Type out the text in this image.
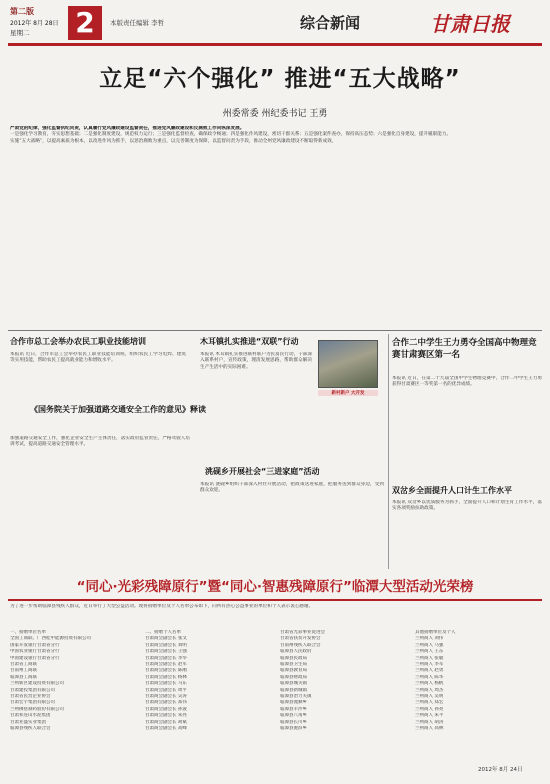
第二版
2012年 8月 28日
星期二 2	本版责任编辑 李哲	综合新闻	甘肃日报
立足“六个强化” 推进“五大战略”
州委常委 州纪委书记 王勇
严肃党的纪律，强化监督执纪问责，认真履行党风廉政建设监督责任，推进党风廉政建设和反腐败工作向纵深发展。
一是强化学习教育，夯实思想基础；二是强化制度建设，规范权力运行；三是强化监督检查，确保政令畅通；四是强化作风建设，密切干群关系；五是强化案件查办，保持高压态势；六是强化自身建设，提升履职能力。
实施“五大战略”，以提高素质为根本，以改进作风为抓手，以惩治腐败为重点，以完善制度为保障，以监督问责为手段，推动全州党风廉政建设不断取得新成效。
合作市总工会举办农民工职业技能培训
本报讯 近日，合作市总工会举办农民工职业技能培训班，组织农民工学习电焊、建筑等实用技能，帮助农民工提高就业能力和增收水平。
木耳镇扎实推进“双联”行动
本报讯 木耳镇扎实推进联村联户为民富民行动，干部深入联系村户，宣传政策，理清发展思路，帮助群众解决生产生活中的实际困难。
新村新户 大开发
《国务院关于加强道路交通安全工作的意见》释读
加强道路交通安全工作，强化企业安全生产主体责任，落实政府监管责任，严格驾驶人培训考试，提高道路交通安全管理水平。
洮砚乡开展社会“三进家庭”活动
本报讯 洮砚乡组织干部深入村社开展活动，把政策送进家庭，把服务送到群众身边，受到群众欢迎。
合作二中学生王力勇夺全国高中物理竞赛甘肃赛区第一名
本报讯 近日，在第二十九届全国中学生物理竞赛中，合作二中学生王力勇获得甘肃赛区一等奖第一名的优异成绩。
双岔乡全面提升人口计生工作水平
本报讯 双岔乡以优质服务为抓手，全面提升人口和计划生育工作水平，落实各项奖励扶助政策。
“同心·光彩残障原行”暨“同心·智惠残障原行”临潭大型活动光荣榜
为了进一步帮助临潭县残疾人群众，近日举行了大型公益活动。现将捐赠单位及个人名单公布如下，向所有热心公益事业的单位和个人表示衷心感谢。
一、捐赠单位名单
全国工商联、广西桂中能源投资有限公司
国家开发银行甘肃省分行
中国农业银行甘肃省分行
中国建设银行甘肃省分行
甘肃省工商联
甘南州工商联
临潭县工商联
兰州新区建设投资有限公司
甘肃建投集团有限公司
甘肃省民营企业协会
甘肃宏宇集团有限公司
兰州佛慈制药股份有限公司
甘肃祁连山水泥集团
甘肃亚盛实业集团
临潭县残疾人联合会
二、捐赠个人名单
甘肃商会副会长 张文
甘肃商会副会长 刘明
甘肃商会副会长 王强
甘肃商会副会长 李华
甘肃商会副会长 赵军
甘肃商会副会长 陈刚
甘肃商会副会长 杨林
甘肃商会副会长 马东
甘肃商会副会长 周平
甘肃商会副会长 吴涛
甘肃商会副会长 郑伟
甘肃商会副会长 孙波
甘肃商会副会长 朱亮
甘肃商会副会长 胡斌
甘肃商会副会长 高峰
甘肃省光彩事业促进会
甘肃省扶贫开发协会
甘南州残疾人联合会
临潭县人民政府
临潭县民政局
临潭县卫生局
临潭县教育局
临潭县财政局
临潭县城关镇
临潭县新城镇
临潭县冶力关镇
临潭县流顺乡
临潭县羊沙乡
临潭县八角乡
临潭县长川乡
临潭县洮滨乡
其他捐赠单位及个人
兰州商人 刘伟
兰州商人 马强
兰州商人 王东
兰州商人 张敏
兰州商人 李军
兰州商人 赵勇
兰州商人 陈华
兰州商人 杨帆
兰州商人 周杰
兰州商人 吴明
兰州商人 郑宏
兰州商人 孙亮
兰州商人 朱平
兰州商人 胡涛
兰州商人 高林
2012年 8月 24日
